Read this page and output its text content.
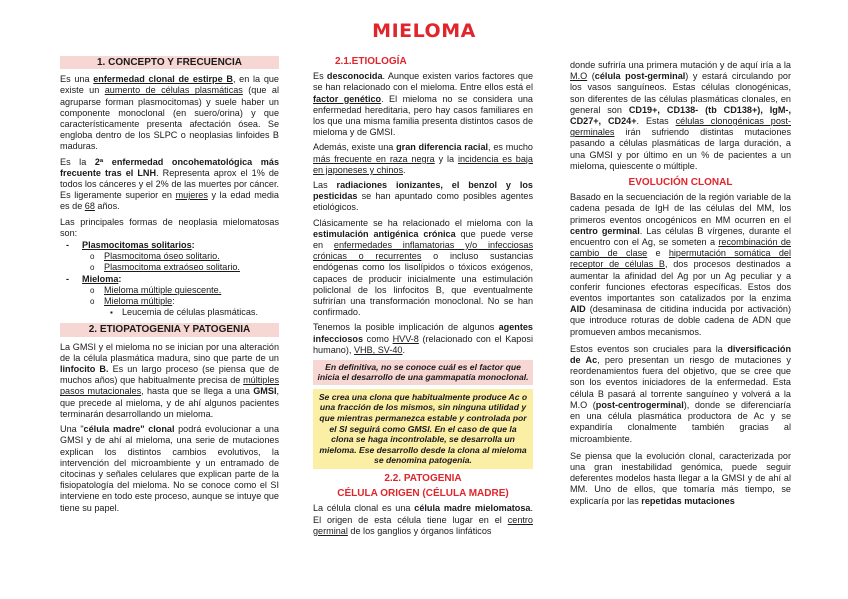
MIELOMA
1. CONCEPTO Y FRECUENCIA

Es una enfermedad clonal de estirpe B, en la que existe un aumento de células plasmáticas (que al agruparse forman plasmocitomas) y suele haber un componente monoclonal (en suero/orina) y que característicamente presenta afectación ósea. Se engloba dentro de los SLPC o neoplasias linfoides B maduras.

Es la 2ª enfermedad oncohematológica más frecuente tras el LNH. Representa aprox el 1% de todos los cánceres y el 2% de las muertes por cáncer. Es ligeramente superior en mujeres y la edad media es de 68 años.

Las principales formas de neoplasia mielomatosas son:

- Plasmocitomas solitarios:
o Plasmocitoma óseo solitario.
o Plasmocitoma extraóseo solitario.
- Mieloma:
o Mieloma múltiple quiescente.
o Mieloma múltiple:
▪ Leucemia de células plasmáticas.
2. ETIOPATOGENIA Y PATOGENIA

La GMSI y el mieloma no se inician por una alteración de la célula plasmática madura, sino que parte de un linfocito B. Es un largo proceso (se piensa que de muchos años) que habitualmente precisa de múltiples pasos mutacionales, hasta que se llega a una GMSI, que precede al mieloma, y de ahí algunos pacientes terminarán desarrollando un mieloma.

Una "célula madre" clonal podrá evolucionar a una GMSI y de ahí al mieloma, una serie de mutaciones explican los distintos cambios evolutivos, la intervención del microambiente y un entramado de citocinas y señales celulares que explican parte de la fisiopatología del mieloma. No se conoce como el SI interviene en todo este proceso, aunque se intuye que tiene su papel.

2.1.ETIOLOGÍA

Es desconocida. Aunque existen varios factores que se han relacionado con el mieloma. Entre ellos está el factor genético. El mieloma no se considera una enfermedad hereditaria, pero hay casos familiares en los que una misma familia presenta distintos casos de mieloma y de GMSI.

Además, existe una gran diferencia racial, es mucho más frecuente en raza negra y la incidencia es baja en japoneses y chinos.

Las radiaciones ionizantes, el benzol y los pesticidas se han apuntado como posibles agentes etiológicos.

Clásicamente se ha relacionado el mieloma con la estimulación antigénica crónica que puede verse en enfermedades inflamatorias y/o infecciosas crónicas o recurrentes o incluso sustancias endógenas como los lisolípidos o tóxicos exógenos, capaces de producir inicialmente una estimulación policlonal de los linfocitos B, que eventualmente sufrirían una transformación monoclonal. No se han confirmado.

Tenemos la posible implicación de algunos agentes infecciosos como HVV-8 (relacionado con el Kaposi humano), VHB, SV-40.

En definitiva, no se conoce cuál es el factor que inicia el desarrollo de una gammapatía monoclonal.
Se crea una clona que habitualmente produce Ac o una fracción de los mismos, sin ninguna utilidad y que mientras permanezca estable y controlada por el SI seguirá como GMSI. En el caso de que la clona se haga incontrolable, se desarrolla un mieloma. Ese desarrollo desde la clona al mieloma se denomina patogenia.
2.2. PATOGENIA
CÉLULA ORIGEN (CÉLULA MADRE)

La célula clonal es una célula madre mielomatosa. El origen de esta célula tiene lugar en el centro germinal de los ganglios y órganos linfáticos

donde sufriría una primera mutación y de aquí iría a la M.O (célula post-germinal) y estará circulando por los vasos sanguíneos. Estas células clonogénicas, son diferentes de las células plasmáticas clonales, en general son CD19+, CD138- (tb CD138+), IgM-, CD27+, CD24+. Estas células clonogénicas post-germinales irán sufriendo distintas mutaciones pasando a células plasmáticas de larga duración, a una GMSI y por último en un % de pacientes a un mieloma, quiescente o múltiple.

EVOLUCIÓN CLONAL

Basado en la secuenciación de la región variable de la cadena pesada de IgH de las células del MM, los primeros eventos oncogénicos en MM ocurren en el centro germinal. Las células B vírgenes, durante el encuentro con el Ag, se someten a recombinación de cambio de clase e hipermutación somática del receptor de células B, dos procesos destinados a aumentar la afinidad del Ag por un Ag peculiar y a conferir funciones efectoras específicas. Estos dos eventos importantes son catalizados por la enzima AID (desaminasa de citidina inducida por activación) que introduce roturas de doble cadena de ADN que promueven ambos mecanismos.

Estos eventos son cruciales para la diversificación de Ac, pero presentan un riesgo de mutaciones y reordenamientos fuera del objetivo, que se cree que son los eventos iniciadores de la enfermedad. Esta célula B pasará al torrente sanguíneo y volverá a la M.O (post-centrogerminal), donde se diferenciaría en una célula plasmática productora de Ac y se expandiría clonalmente también gracias al microambiente.

Se piensa que la evolución clonal, caracterizada por una gran inestabilidad genómica, puede seguir deferentes modelos hasta llegar a la GMSI y de ahí al MM. Uno de ellos, que tomaría más tiempo, se explicaría por las repetidas mutaciones
